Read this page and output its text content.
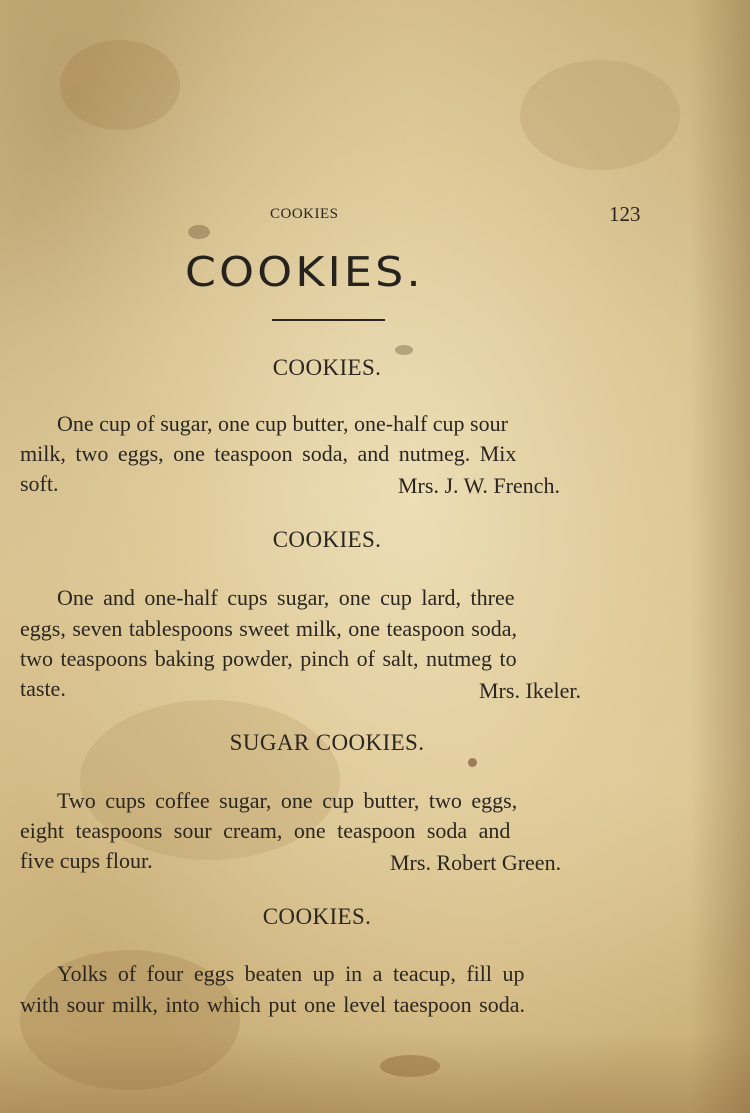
COOKIES	123
COOKIES.
COOKIES.
One cup of sugar, one cup butter, one-half cup sour
milk, two eggs, one teaspoon soda, and nutmeg. Mix
soft.	Mrs. J. W. French.
COOKIES.
One and one-half cups sugar, one cup lard, three
eggs, seven tablespoons sweet milk, one teaspoon soda,
two teaspoons baking powder, pinch of salt, nutmeg to
taste.	Mrs. Ikeler.
SUGAR COOKIES.
Two cups coffee sugar, one cup butter, two eggs,
eight teaspoons sour cream, one teaspoon soda and
five cups flour.	Mrs. Robert Green.
COOKIES.
Yolks of four eggs beaten up in a teacup, fill up
with sour milk, into which put one level taespoon soda.
